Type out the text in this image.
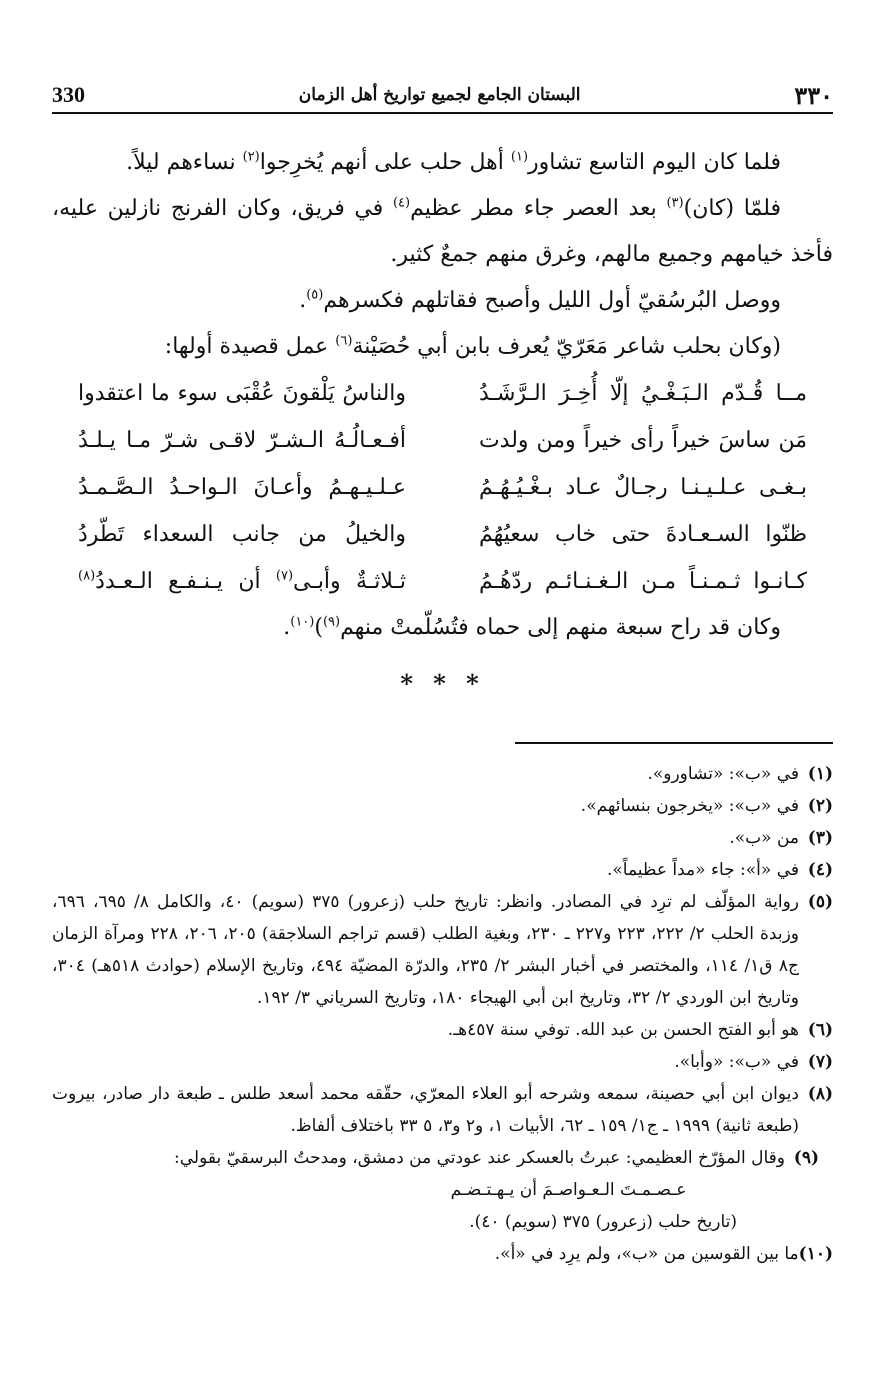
330	البستان الجامع لجميع تواريخ أهل الزمان	٣٣٠

فلما كان اليوم التاسع تشاور$^{(١)}$ أهل حلب على أنهم يُخرِجوا$^{(٢)}$ نساءهم ليلاً.

فلمّا (كان)$^{(٣)}$ بعد العصر جاء مطر عظيم$^{(٤)}$ في فريق، وكان الفرنج نازلين عليه، فأخذ خيامهم وجميع مالهم، وغرق منهم جمعٌ كثير.

ووصل البُرسُقيّ أول الليل وأصبح فقاتلهم فكسرهم$^{(٥)}$.

(وكان بحلب شاعر مَعَرّيّ يُعرف بابن أبي حُصَيْنة$^{(٦)}$ عمل قصيدة أولها:

مــا قُـدّم الـبَـغْـيُ إلّا أُخِـرَ الـرَّشَـدُ
والناسُ يَلْقونَ عُقْبَى سوء ما اعتقدوا
مَن ساسَ خيراً رأى خيراً ومن ولدت
أفـعـالُـهُ الـشـرّ لاقـى شـرّ مـا يـلـدُ
بـغـى عـلـيـنـا رجـالٌ عـاد بـغْـيُـهُـمُ
عـلـيـهـمُ وأعـانَ الـواحـدُ الـصَّـمـدُ
ظنّوا السـعـادةَ حتى خاب سعيُهُمُ
والخيلُ من جانب السعداء تَطّردُ
كـانـوا ثـمـنـاً مـن الـغـنـائـم ردّهُـمُ
ثـلاثـةٌ وأبـى$^{(٧)}$ أن يـنـفـع الـعـددُ$^{(٨)}$

وكان قد راح سبعة منهم إلى حماه فتُسُلّمتْ منهم$^{(٩)}$)$^{(١٠)}$.

* * *
(١)
في «ب»: «تشاورو».
(٢)
في «ب»: «يخرجون بنسائهم».
(٣)
من «ب».
(٤)
في «أ»: جاء «مداً عظيماً».
(٥)
رواية المؤلّف لم ترِد في المصادر. وانظر: تاريخ حلب (زعرور) ٣٧٥ (سويم) ٤٠، والكامل ٨/ ٦٩٥، ٦٩٦، وزبدة الحلب ٢/ ٢٢٢، ٢٢٣ و٢٢٧ ـ ٢٣٠، وبغية الطلب (قسم تراجم السلاجقة) ٢٠٥، ٢٠٦، ٢٢٨ ومرآة الزمان ج٨ ق١/ ١١٤، والمختصر في أخبار البشر ٢/ ٢٣٥، والدرّة المضيّة ٤٩٤، وتاريخ الإسلام (حوادث ٥١٨هـ) ٣٠٤، وتاريخ ابن الوردي ٢/ ٣٢، وتاريخ ابن أبي الهيجاء ١٨٠، وتاريخ السرياني ٣/ ١٩٢.
(٦)
هو أبو الفتح الحسن بن عبد الله. توفي سنة ٤٥٧هـ.
(٧)
في «ب»: «وأبا».
(٨)
ديوان ابن أبي حصينة، سمعه وشرحه أبو العلاء المعرّي، حقّقه محمد أسعد طلس ـ طبعة دار صادر، بيروت (طبعة ثانية) ١٩٩٩ ـ ج١/ ١٥٩ ـ ٦٢، الأبيات ١، و٢ و٣، ٥ ٣٣ باختلاف ألفاظ.
(٩)
وقال المؤرّخ العظيمي: عبرتُ بالعسكر عند عودتي من دمشق، ومدحتُ البرسقيّ بقولي:
عـصـمـتَ الـعـواصـمَ أن يـهـتـضـم
(تاريخ حلب (زعرور) ٣٧٥ (سويم) ٤٠).
(١٠)
ما بين القوسين من «ب»، ولم يرِد في «أ».
